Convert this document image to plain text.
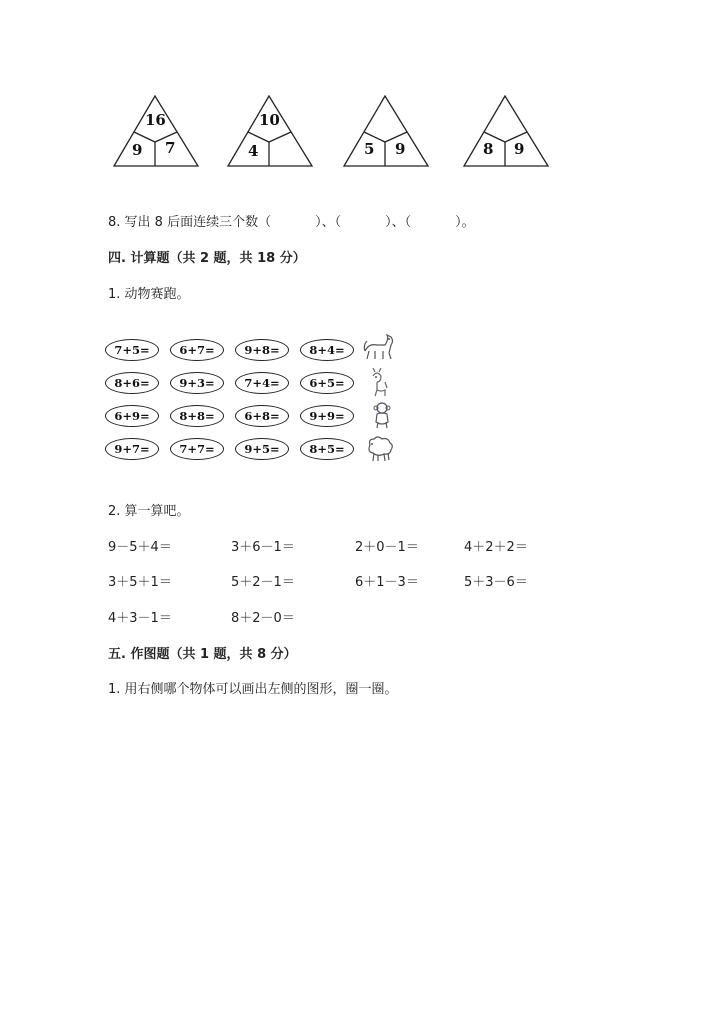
16
9 7
10
4	5 9	8 9
8. 写出 8 后面连续三个数（	）、（	）、（	）。
四. 计算题（共 2 题，共 18 分）
1. 动物赛跑。
7+5=	6+7=	9+8=	8+4=
8+6=	9+3=	7+4=	6+5=
6+9=	8+8=	6+8=	9+9=
9+7=	7+7=	9+5=	8+5=
2. 算一算吧。
9－5＋4＝	3＋6－1＝	2＋0－1＝	4＋2＋2＝
3＋5＋1＝	5＋2－1＝	6＋1－3＝	5＋3－6＝
4＋3－1＝	8＋2－0＝
五. 作图题（共 1 题，共 8 分）
1. 用右侧哪个物体可以画出左侧的图形，圈一圈。
